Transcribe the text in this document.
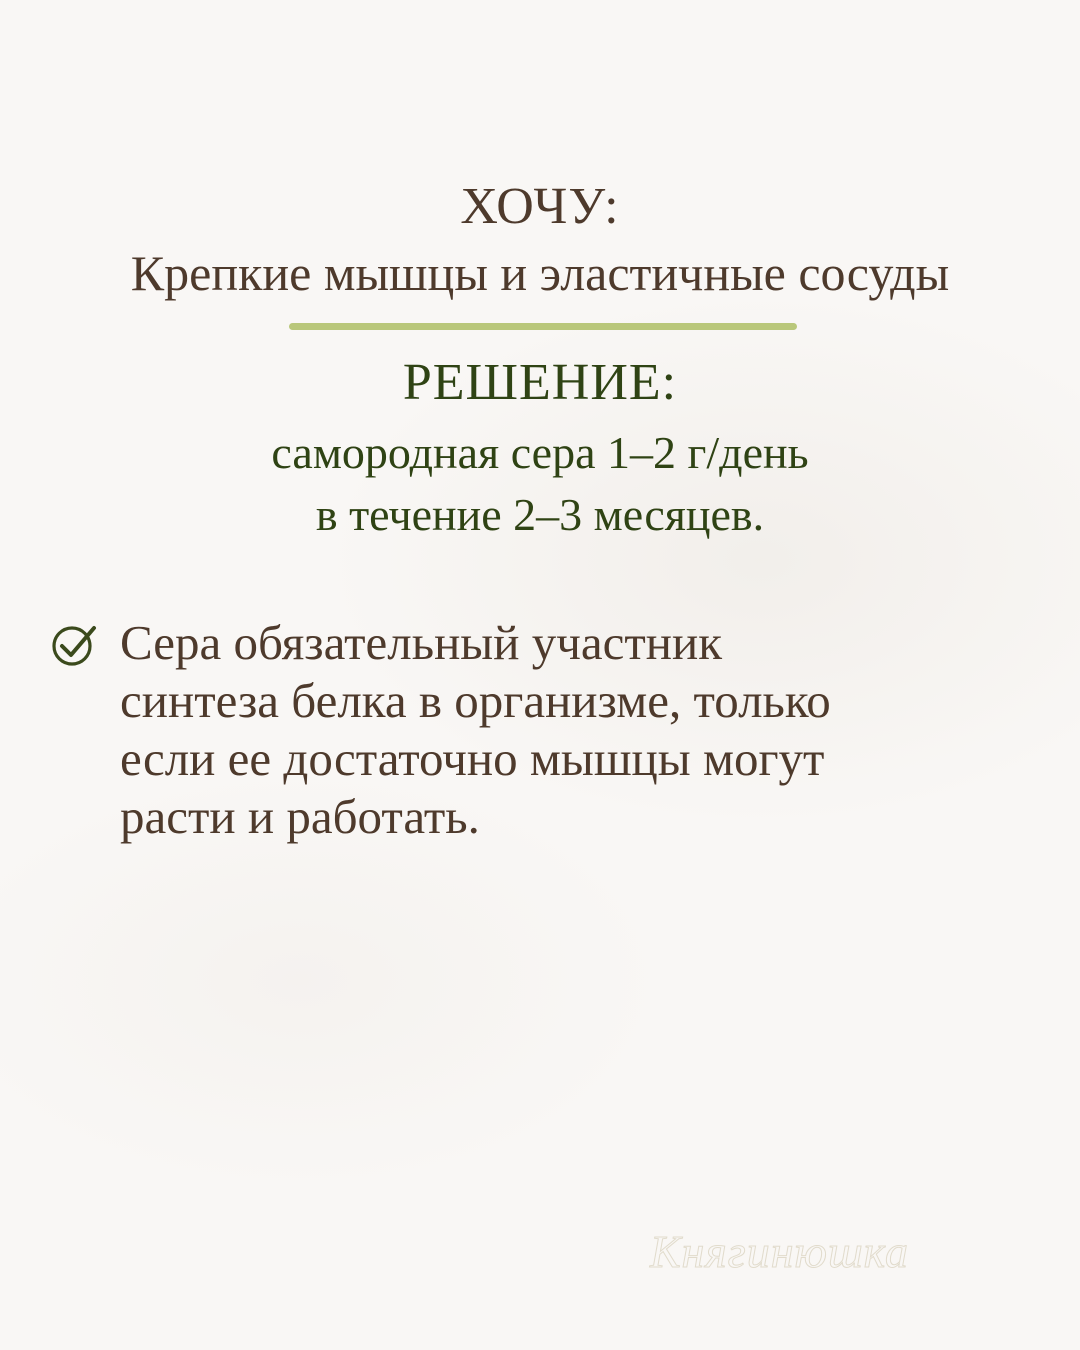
ХОЧУ:
Крепкие мышцы и эластичные сосуды
РЕШЕНИЕ:
самородная сера 1–2 г/день
в течение 2–3 месяцев.
Сера обязательный участник
синтеза белка в организме, только
если ее достаточно мышцы могут
расти и работать.
Княгинюшка
